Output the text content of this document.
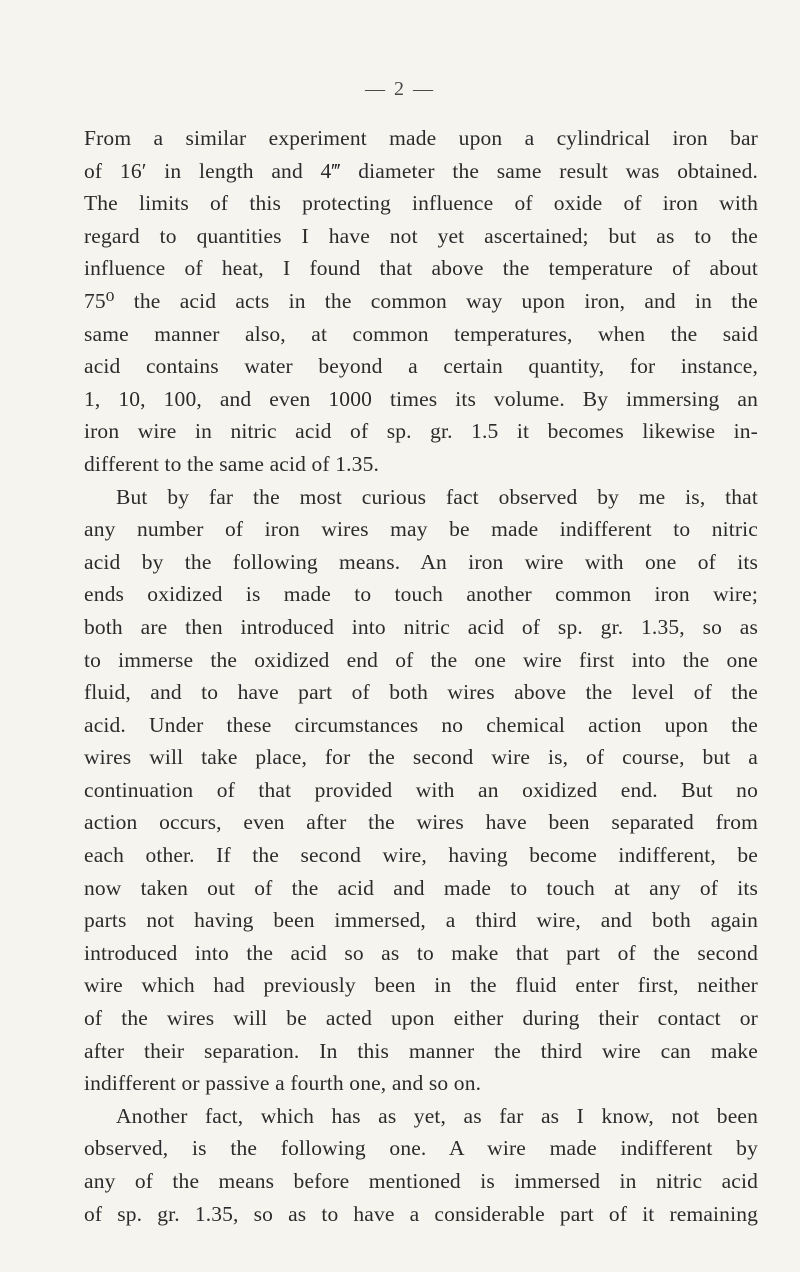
— 2 —
From a similar experiment made upon a cylindrical iron bar
of 16′ in length and 4‴ diameter the same result was obtained.
The limits of this protecting influence of oxide of iron with
regard to quantities I have not yet ascertained; but as to the
influence of heat, I found that above the temperature of about
75⁰ the acid acts in the common way upon iron, and in the
same manner also, at common temperatures, when the said
acid contains water beyond a certain quantity, for instance,
1, 10, 100, and even 1000 times its volume. By immersing an
iron wire in nitric acid of sp. gr. 1.5 it becomes likewise in-
different to the same acid of 1.35.
But by far the most curious fact observed by me is, that
any number of iron wires may be made indifferent to nitric
acid by the following means. An iron wire with one of its
ends oxidized is made to touch another common iron wire;
both are then introduced into nitric acid of sp. gr. 1.35, so as
to immerse the oxidized end of the one wire first into the one
fluid, and to have part of both wires above the level of the
acid. Under these circumstances no chemical action upon the
wires will take place, for the second wire is, of course, but a
continuation of that provided with an oxidized end. But no
action occurs, even after the wires have been separated from
each other. If the second wire, having become indifferent, be
now taken out of the acid and made to touch at any of its
parts not having been immersed, a third wire, and both again
introduced into the acid so as to make that part of the second
wire which had previously been in the fluid enter first, neither
of the wires will be acted upon either during their contact or
after their separation. In this manner the third wire can make
indifferent or passive a fourth one, and so on.
Another fact, which has as yet, as far as I know, not been
observed, is the following one. A wire made indifferent by
any of the means before mentioned is immersed in nitric acid
of sp. gr. 1.35, so as to have a considerable part of it remaining
